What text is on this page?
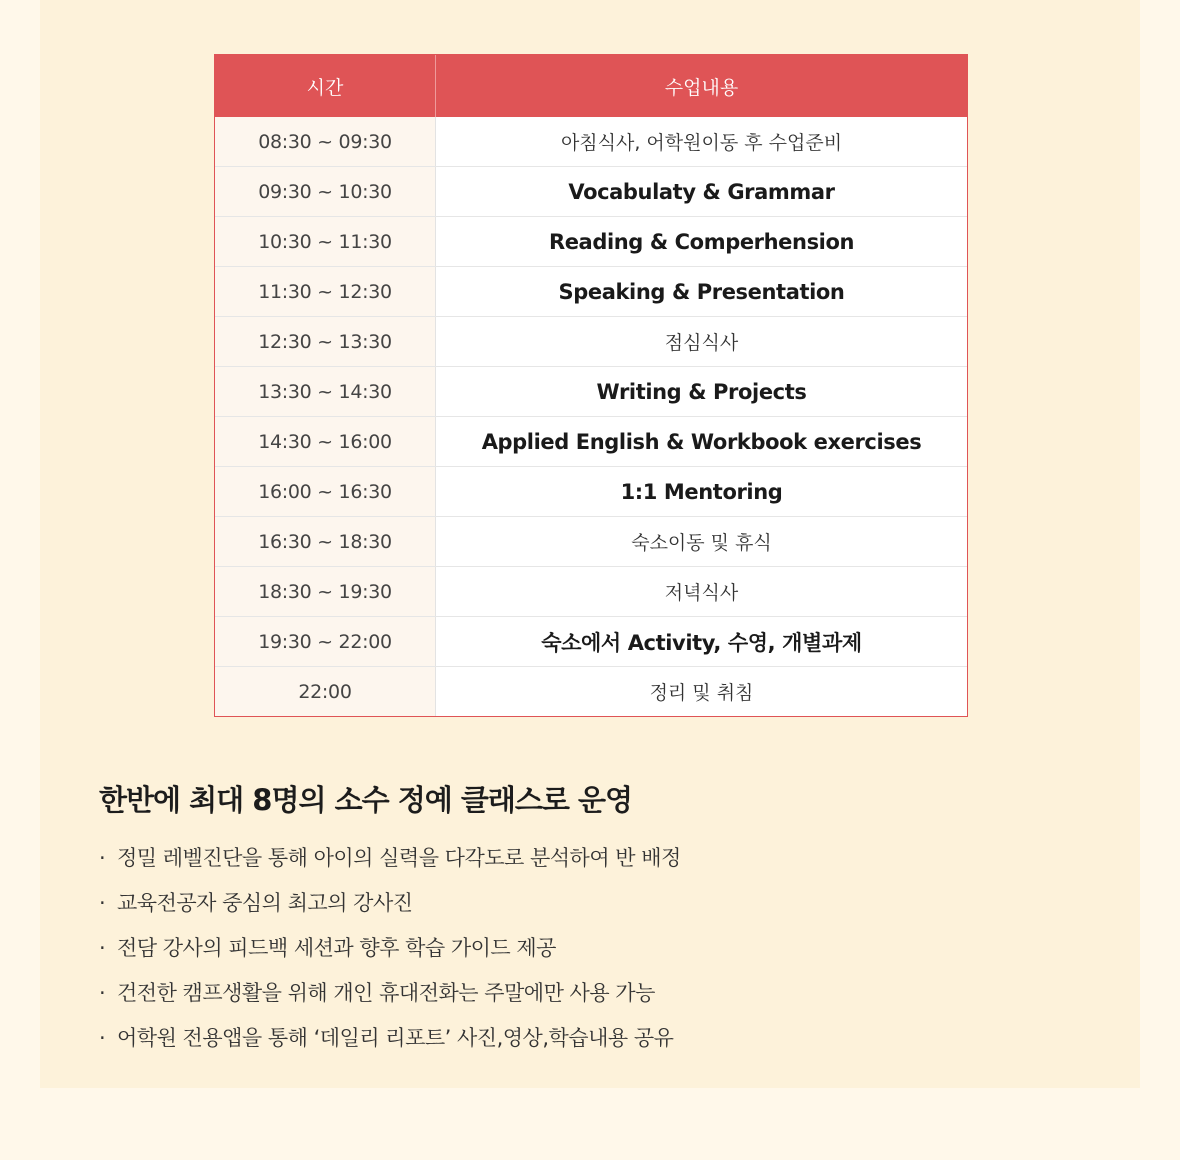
시간	수업내용
08:30 ~ 09:30	아침식사, 어학원이동 후 수업준비
09:30 ~ 10:30	Vocabulaty & Grammar
10:30 ~ 11:30	Reading & Comperhension
11:30 ~ 12:30	Speaking & Presentation
12:30 ~ 13:30	점심식사
13:30 ~ 14:30	Writing & Projects
14:30 ~ 16:00	Applied English & Workbook exercises
16:00 ~ 16:30	1:1 Mentoring
16:30 ~ 18:30	숙소이동 및 휴식
18:30 ~ 19:30	저녁식사
19:30 ~ 22:00	숙소에서 Activity, 수영, 개별과제
22:00	정리 및 취침
한반에 최대 8명의 소수 정예 클래스로 운영
· 정밀 레벨진단을 통해 아이의 실력을 다각도로 분석하여 반 배정
· 교육전공자 중심의 최고의 강사진
· 전담 강사의 피드백 세션과 향후 학습 가이드 제공
· 건전한 캠프생활을 위해 개인 휴대전화는 주말에만 사용 가능
· 어학원 전용앱을 통해 ‘데일리 리포트’ 사진,영상,학습내용 공유
